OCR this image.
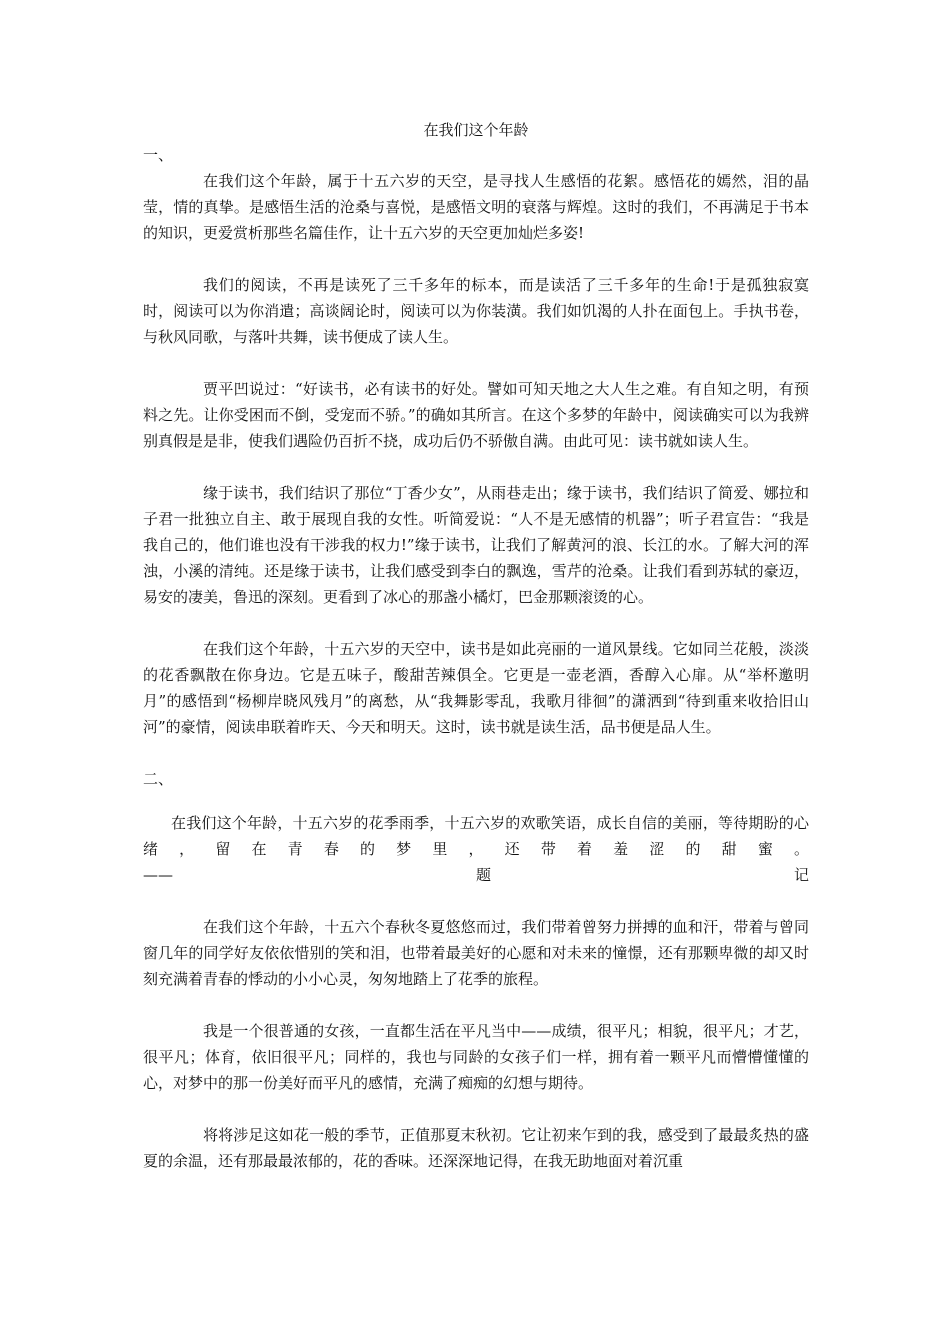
在我们这个年龄

一、

在我们这个年龄，属于十五六岁的天空，是寻找人生感悟的花絮。感悟花的嫣然，泪的晶莹，情的真挚。是感悟生活的沧桑与喜悦，是感悟文明的衰落与辉煌。这时的我们，不再满足于书本的知识，更爱赏析那些名篇佳作，让十五六岁的天空更加灿烂多姿!

我们的阅读，不再是读死了三千多年的标本，而是读活了三千多年的生命!于是孤独寂寞时，阅读可以为你消遣；高谈阔论时，阅读可以为你装潢。我们如饥渴的人扑在面包上。手执书卷，与秋风同歌，与落叶共舞，读书便成了读人生。

贾平凹说过：“好读书，必有读书的好处。譬如可知天地之大人生之难。有自知之明，有预料之先。让你受困而不倒，受宠而不骄。”的确如其所言。在这个多梦的年龄中，阅读确实可以为我辨别真假是是非，使我们遇险仍百折不挠，成功后仍不骄傲自满。由此可见：读书就如读人生。

缘于读书，我们结识了那位“丁香少女”，从雨巷走出；缘于读书，我们结识了简爱、娜拉和子君一批独立自主、敢于展现自我的女性。听简爱说：“人不是无感情的机器”；听子君宣告：“我是我自己的，他们谁也没有干涉我的权力!”缘于读书，让我们了解黄河的浪、长江的水。了解大河的浑浊，小溪的清纯。还是缘于读书，让我们感受到李白的飘逸，雪芹的沧桑。让我们看到苏轼的豪迈，易安的凄美，鲁迅的深刻。更看到了冰心的那盏小橘灯，巴金那颗滚烫的心。

在我们这个年龄，十五六岁的天空中，读书是如此亮丽的一道风景线。它如同兰花般，淡淡的花香飘散在你身边。它是五味子，酸甜苦辣俱全。它更是一壶老酒，香醇入心扉。从“举杯邀明月”的感悟到“杨柳岸晓风残月”的离愁，从“我舞影零乱，我歌月徘徊”的潇洒到“待到重来收拾旧山河”的豪情，阅读串联着昨天、今天和明天。这时，读书就是读生活，品书便是品人生。

二、

在我们这个年龄，十五六岁的花季雨季，十五六岁的欢歌笑语，成长自信的美丽，等待期盼的心绪，留在青春的梦里，还带着羞涩的甜蜜。
——题记

在我们这个年龄，十五六个春秋冬夏悠悠而过，我们带着曾努力拼搏的血和汗，带着与曾同窗几年的同学好友依依惜别的笑和泪，也带着最美好的心愿和对未来的憧憬，还有那颗卑微的却又时刻充满着青春的悸动的小小心灵，匆匆地踏上了花季的旅程。

我是一个很普通的女孩，一直都生活在平凡当中——成绩，很平凡；相貌，很平凡；才艺，很平凡；体育，依旧很平凡；同样的，我也与同龄的女孩子们一样，拥有着一颗平凡而懵懵懂懂的心，对梦中的那一份美好而平凡的感情，充满了痴痴的幻想与期待。

将将涉足这如花一般的季节，正值那夏末秋初。它让初来乍到的我，感受到了最最炙热的盛夏的余温，还有那最最浓郁的，花的香味。还深深地记得，在我无助地面对着沉重
